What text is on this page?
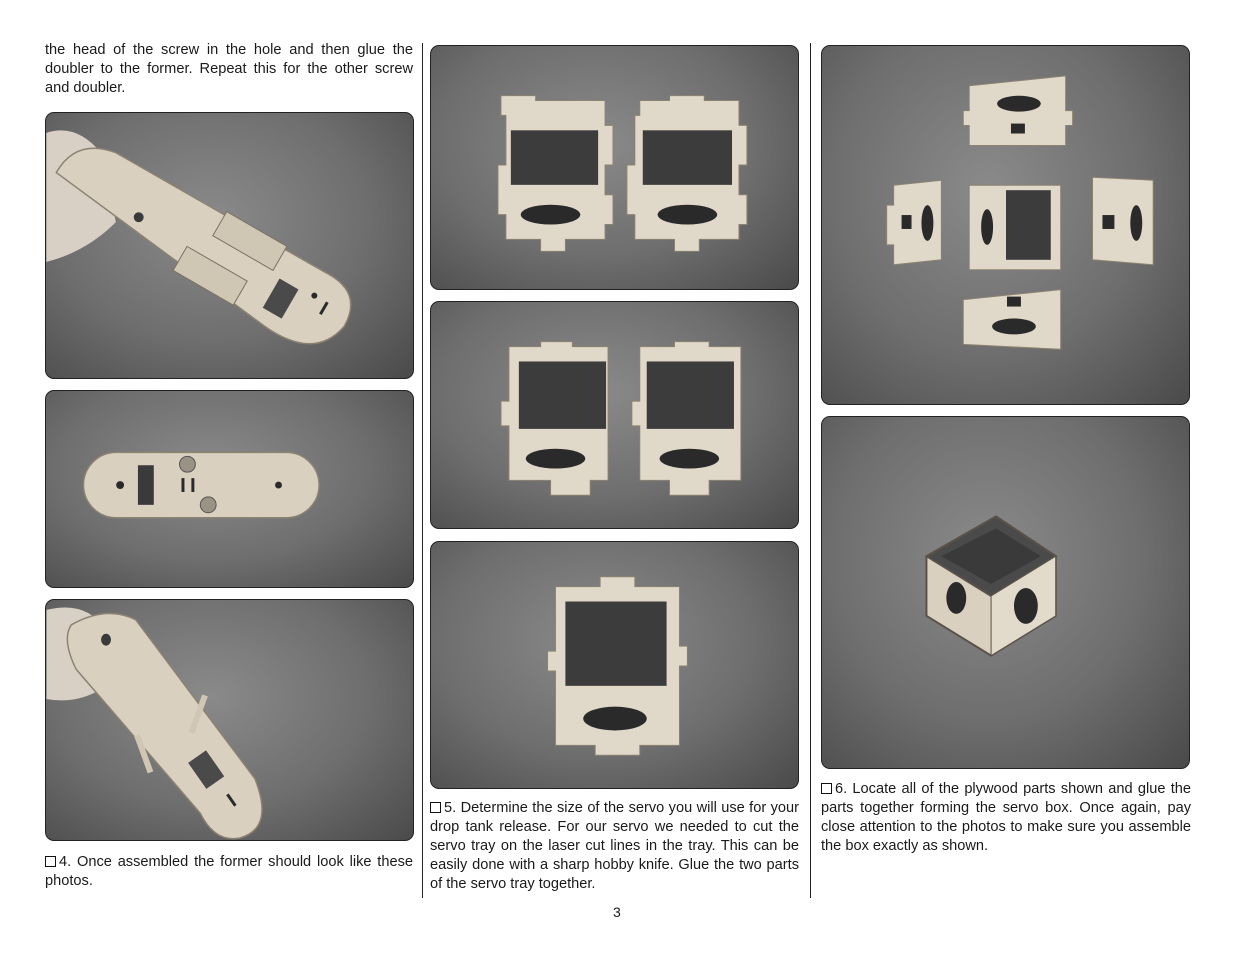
the head of the screw in the hole and then glue the doubler to the former. Repeat this for the other screw and doubler.
4. Once assembled the former should look like these photos.
5. Determine the size of the servo you will use for your drop tank release. For our servo we needed to cut the servo tray on the laser cut lines in the tray. This can be easily done with a sharp hobby knife. Glue the two parts of the servo tray together.
6. Locate all of the plywood parts shown and glue the parts together forming the servo box. Once again, pay close attention to the photos to make sure you assemble the box exactly as shown.
3
